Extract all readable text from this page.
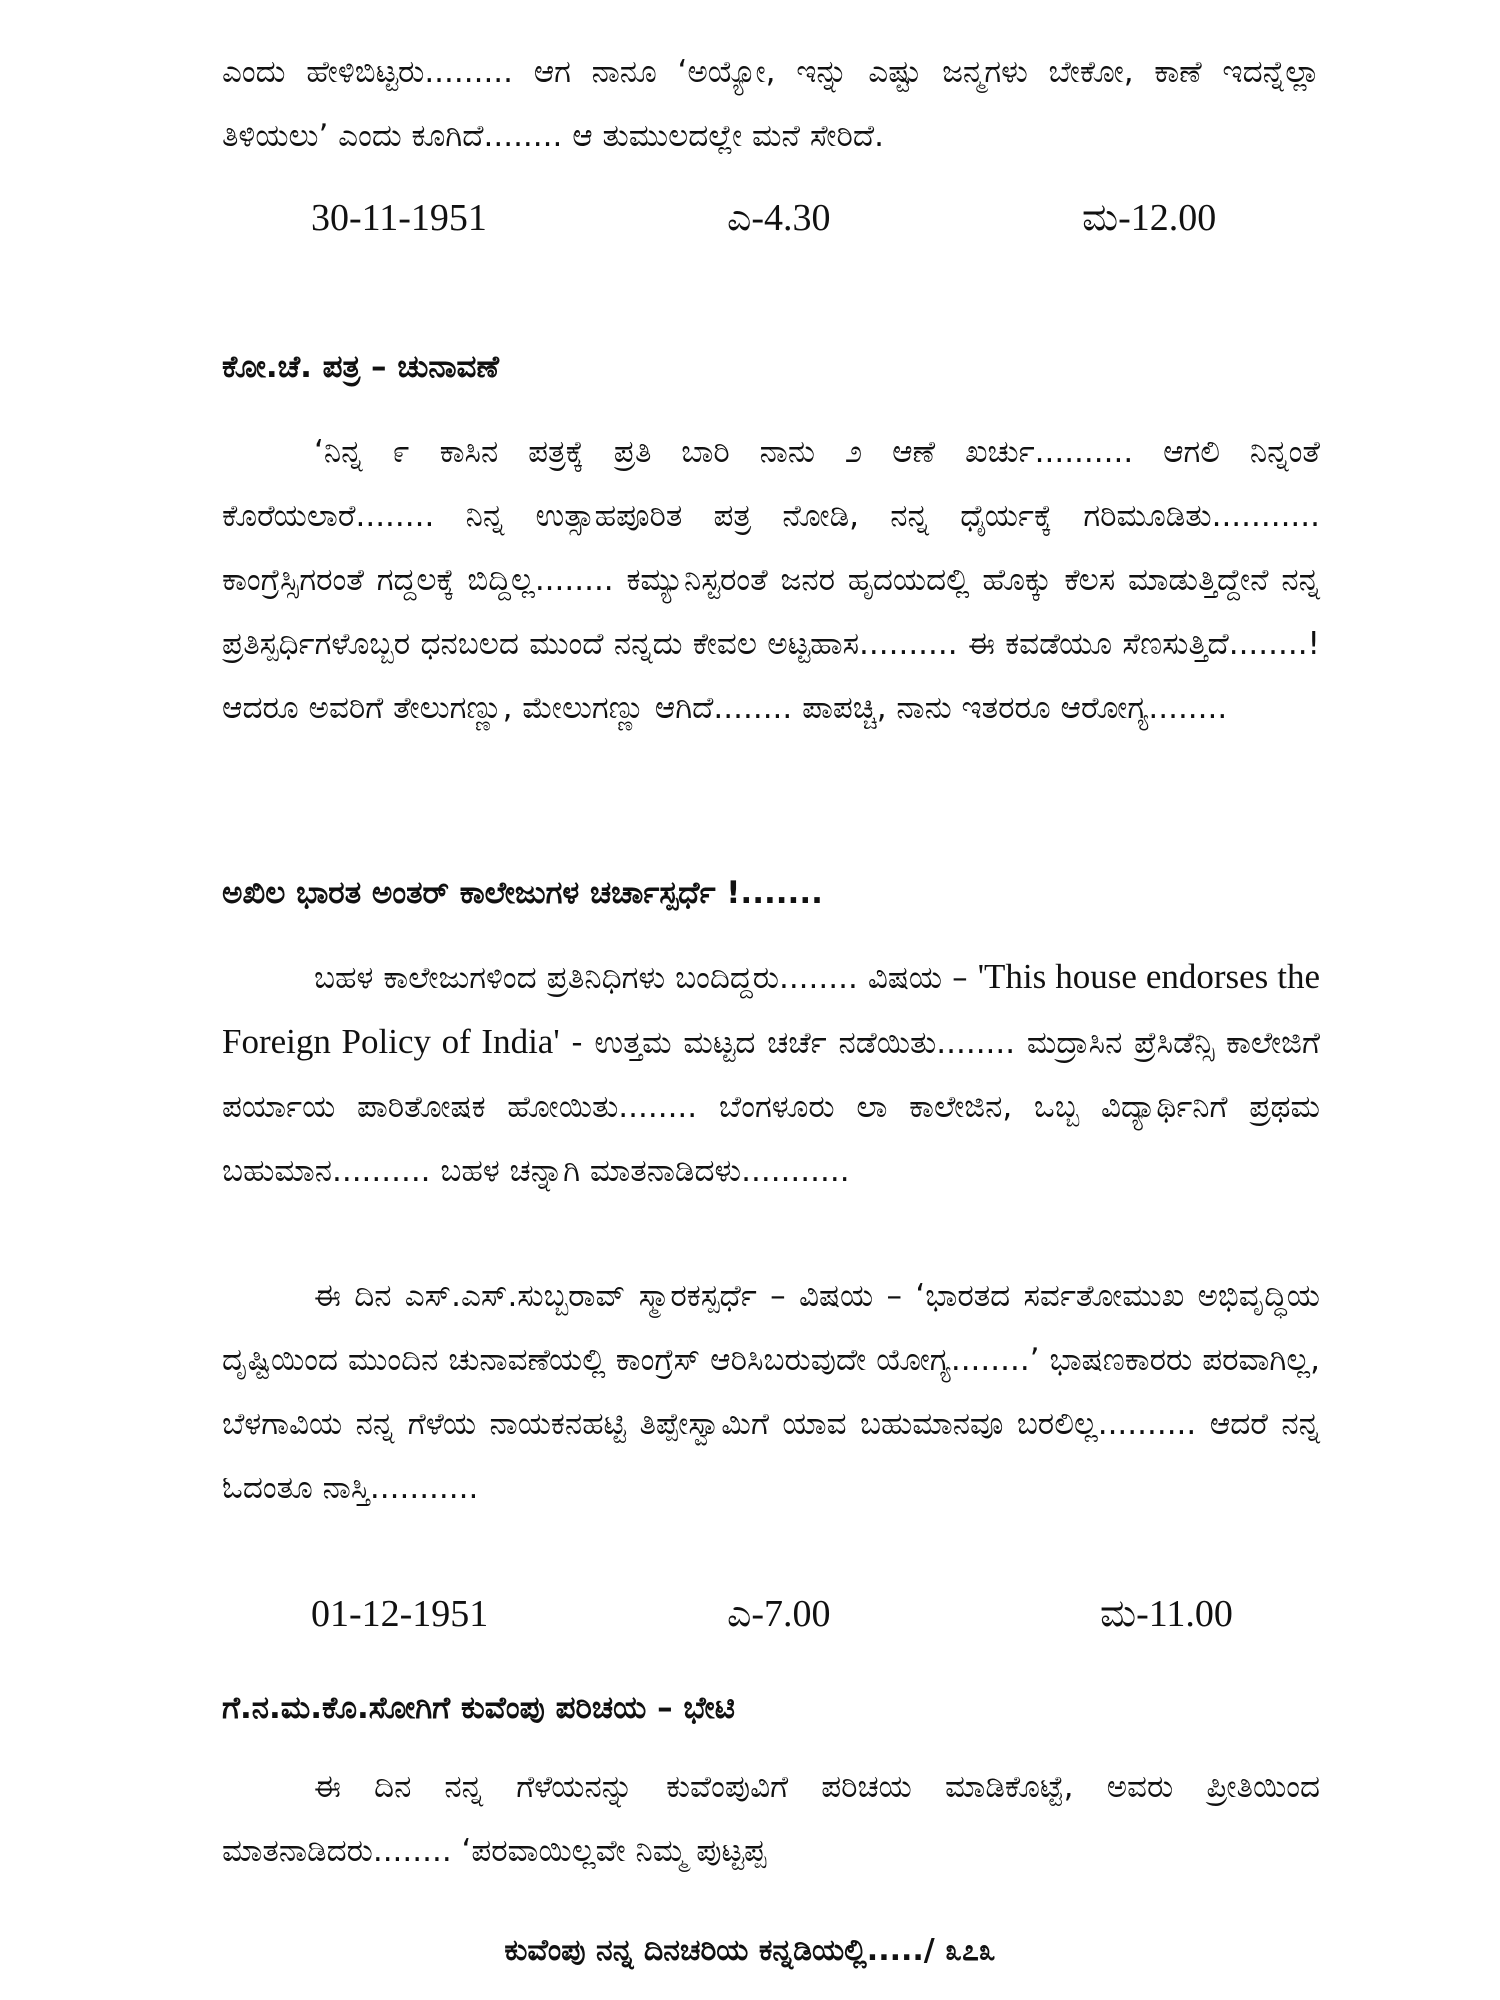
ಎಂದು ಹೇಳಿಬಿಟ್ಟರು......... ಆಗ ನಾನೂ ‘ಅಯ್ಯೋ, ಇನ್ನು ಎಷ್ಟು ಜನ್ಮಗಳು ಬೇಕೋ, ಕಾಣೆ ಇದನ್ನೆಲ್ಲಾ ತಿಳಿಯಲು’ ಎಂದು ಕೂಗಿದೆ........ ಆ ತುಮುಲದಲ್ಲೇ ಮನೆ ಸೇರಿದೆ.

30-11-1951	ಎ-4.30	ಮ-12.00
ಕೋ.ಚೆ. ಪತ್ರ – ಚುನಾವಣೆ

‘ನಿನ್ನ ೯ ಕಾಸಿನ ಪತ್ರಕ್ಕೆ ಪ್ರತಿ ಬಾರಿ ನಾನು ೨ ಆಣೆ ಖರ್ಚು.......... ಆಗಲಿ ನಿನ್ನಂತೆ ಕೊರೆಯಲಾರೆ........ ನಿನ್ನ ಉತ್ಸಾಹಪೂರಿತ ಪತ್ರ ನೋಡಿ, ನನ್ನ ಧೈರ್ಯಕ್ಕೆ ಗರಿಮೂಡಿತು........... ಕಾಂಗ್ರೆಸ್ಸಿಗರಂತೆ ಗದ್ದಲಕ್ಕೆ ಬಿದ್ದಿಲ್ಲ........ ಕಮ್ಯುನಿಸ್ಟರಂತೆ ಜನರ ಹೃದಯದಲ್ಲಿ ಹೊಕ್ಕು ಕೆಲಸ ಮಾಡುತ್ತಿದ್ದೇನೆ ನನ್ನ ಪ್ರತಿಸ್ಪರ್ಧಿಗಳೊಬ್ಬರ ಧನಬಲದ ಮುಂದೆ ನನ್ನದು ಕೇವಲ ಅಟ್ಟಹಾಸ.......... ಈ ಕವಡೆಯೂ ಸೆಣಸುತ್ತಿದೆ........! ಆದರೂ ಅವರಿಗೆ ತೇಲುಗಣ್ಣು, ಮೇಲುಗಣ್ಣು ಆಗಿದೆ........ ಪಾಪಚ್ಚಿ, ನಾನು ಇತರರೂ ಆರೋಗ್ಯ........

ಅಖಿಲ ಭಾರತ ಅಂತರ್ ಕಾಲೇಜುಗಳ ಚರ್ಚಾಸ್ಪರ್ಧೆ !.......

ಬಹಳ ಕಾಲೇಜುಗಳಿಂದ ಪ್ರತಿನಿಧಿಗಳು ಬಂದಿದ್ದರು........ ವಿಷಯ – 'This house endorses the Foreign Policy of India' - ಉತ್ತಮ ಮಟ್ಟದ ಚರ್ಚೆ ನಡೆಯಿತು........ ಮದ್ರಾಸಿನ ಪ್ರೆಸಿಡೆನ್ಸಿ ಕಾಲೇಜಿಗೆ ಪರ್ಯಾಯ ಪಾರಿತೋಷಕ ಹೋಯಿತು........ ಬೆಂಗಳೂರು ಲಾ ಕಾಲೇಜಿನ, ಒಬ್ಬ ವಿದ್ಯಾರ್ಥಿನಿಗೆ ಪ್ರಥಮ ಬಹುಮಾನ.......... ಬಹಳ ಚನ್ನಾಗಿ ಮಾತನಾಡಿದಳು...........

ಈ ದಿನ ಎಸ್.ಎಸ್.ಸುಬ್ಬರಾವ್ ಸ್ಮಾರಕಸ್ಪರ್ಧೆ – ವಿಷಯ – ‘ಭಾರತದ ಸರ್ವತೋಮುಖ ಅಭಿವೃದ್ಧಿಯ ದೃಷ್ಟಿಯಿಂದ ಮುಂದಿನ ಚುನಾವಣೆಯಲ್ಲಿ ಕಾಂಗ್ರೆಸ್ ಆರಿಸಿಬರುವುದೇ ಯೋಗ್ಯ........’ ಭಾಷಣಕಾರರು ಪರವಾಗಿಲ್ಲ, ಬೆಳಗಾವಿಯ ನನ್ನ ಗೆಳೆಯ ನಾಯಕನಹಟ್ಟಿ ತಿಪ್ಪೇಸ್ವಾಮಿಗೆ ಯಾವ ಬಹುಮಾನವೂ ಬರಲಿಲ್ಲ.......... ಆದರೆ ನನ್ನ ಓದಂತೂ ನಾಸ್ತಿ...........

01-12-1951	ಎ-7.00	ಮ-11.00
ಗೆ.ನ.ಮ.ಕೊ.ಸೋಗಿಗೆ ಕುವೆಂಪು ಪರಿಚಯ – ಭೇಟಿ

ಈ ದಿನ ನನ್ನ ಗೆಳೆಯನನ್ನು ಕುವೆಂಪುವಿಗೆ ಪರಿಚಯ ಮಾಡಿಕೊಟ್ಟೆ, ಅವರು ಪ್ರೀತಿಯಿಂದ ಮಾತನಾಡಿದರು........ ‘ಪರವಾಯಿಲ್ಲವೇ ನಿಮ್ಮ ಪುಟ್ಟಪ್ಪ

ಕುವೆಂಪು ನನ್ನ ದಿನಚರಿಯ ಕನ್ನಡಿಯಲ್ಲಿ...../ ೩೭೩
